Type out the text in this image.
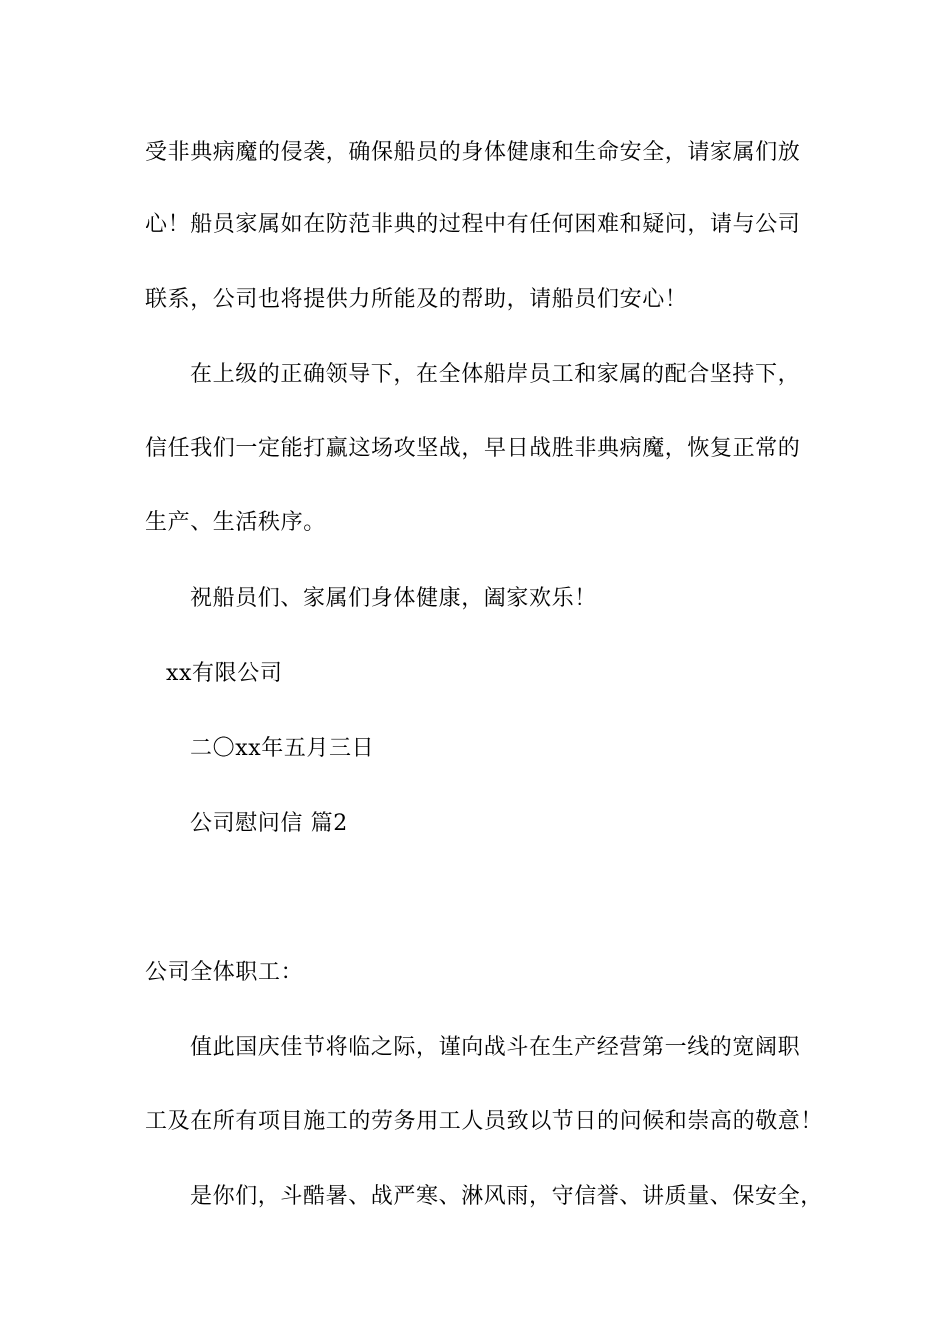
受非典病魔的侵袭，确保船员的身体健康和生命安全，请家属们放
心！船员家属如在防范非典的过程中有任何困难和疑问，请与公司
联系，公司也将提供力所能及的帮助，请船员们安心！
在上级的正确领导下，在全体船岸员工和家属的配合坚持下，
信任我们一定能打赢这场攻坚战，早日战胜非典病魔，恢复正常的
生产、生活秩序。
祝船员们、家属们身体健康，阖家欢乐！
xx有限公司
二〇xx年五月三日
公司慰问信 篇2
公司全体职工：
值此国庆佳节将临之际，谨向战斗在生产经营第一线的宽阔职
工及在所有项目施工的劳务用工人员致以节日的问候和崇高的敬意！
是你们，斗酷暑、战严寒、淋风雨，守信誉、讲质量、保安全，
